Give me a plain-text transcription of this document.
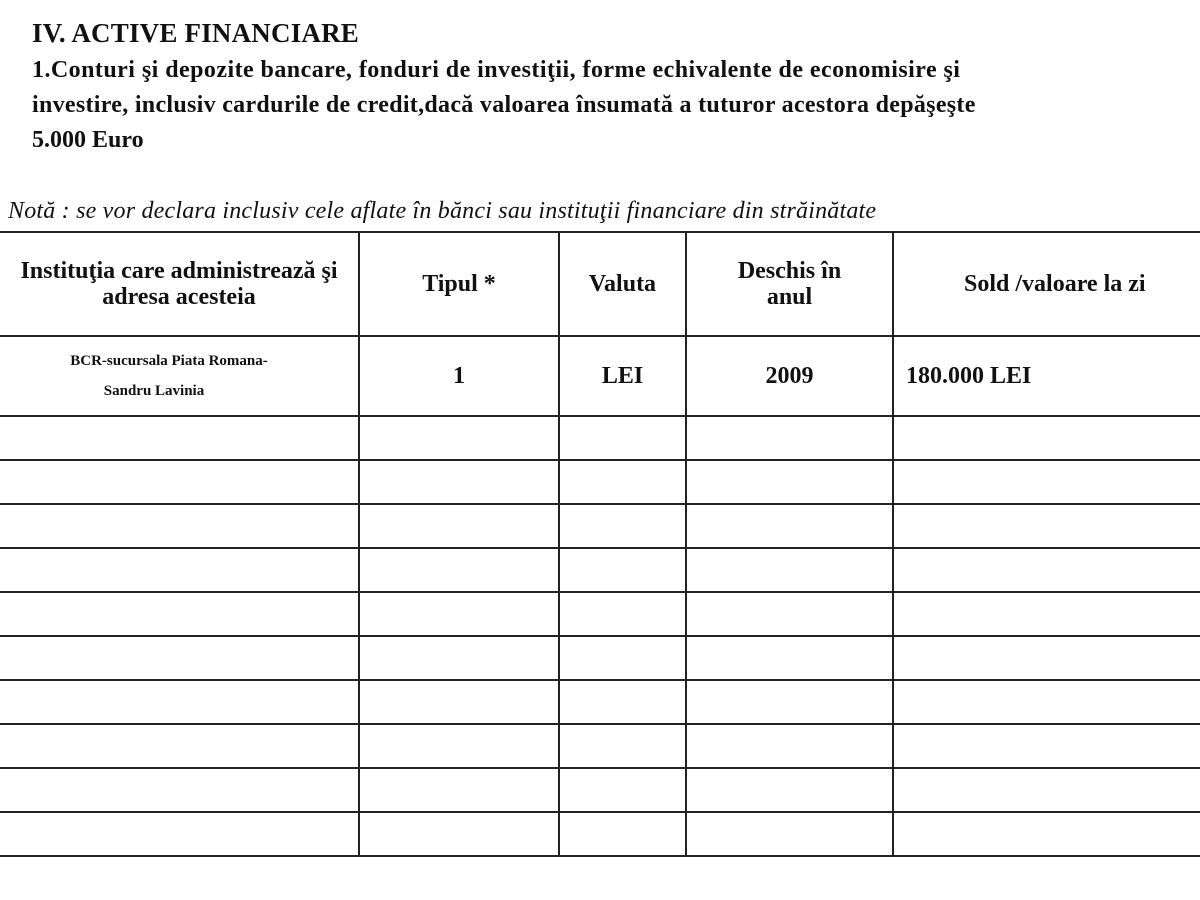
IV. ACTIVE FINANCIARE
1.Conturi şi depozite bancare, fonduri de investiţii, forme echivalente de economisire şi
investire, inclusiv cardurile de credit,dacă valoarea însumată a tuturor acestora depăşeşte
5.000 Euro
Notă : se vor declara inclusiv cele aflate în bănci sau instituţii financiare din străinătate
Instituţia care administrează şi adresa acesteia	Tipul *	Valuta	Deschis în anul	Sold /valoare la zi

BCR-sucursala Piata Romana-
Sandru Lavinia	1	LEI	2009	180.000 LEI
